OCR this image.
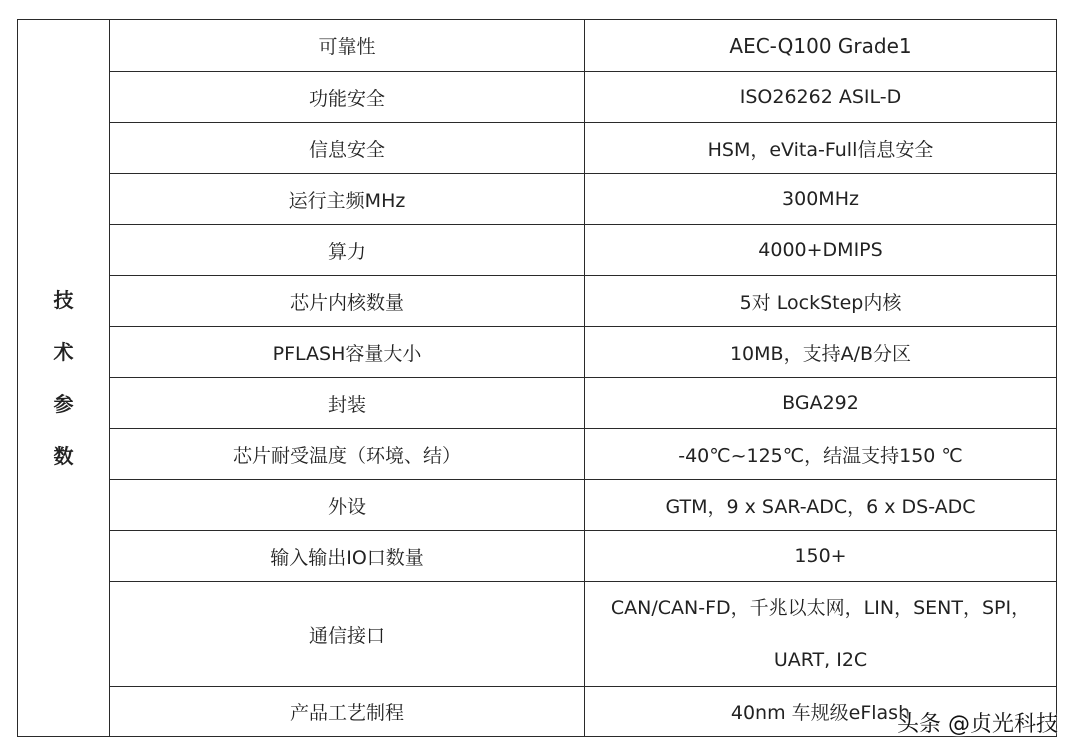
技
术
参
数	可靠性	AEC-Q100 Grade1
	功能安全	ISO26262 ASIL-D
	信息安全	HSM，eVita-Full信息安全
	运行主频MHz	300MHz
	算力	4000+DMIPS
	芯片内核数量	5对 LockStep内核
	PFLASH容量大小	10MB，支持A/B分区
	封装	BGA292
	芯片耐受温度（环境、结）	-40℃~125℃，结温支持150 ℃
	外设	GTM，9 x SAR-ADC，6 x DS-ADC
	输入输出IO口数量	150+
	通信接口	CAN/CAN-FD，千兆以太网，LIN，SENT，SPI，
UART, I2C

	产品工艺制程	40nm 车规级eFlash
头条 @贞光科技
